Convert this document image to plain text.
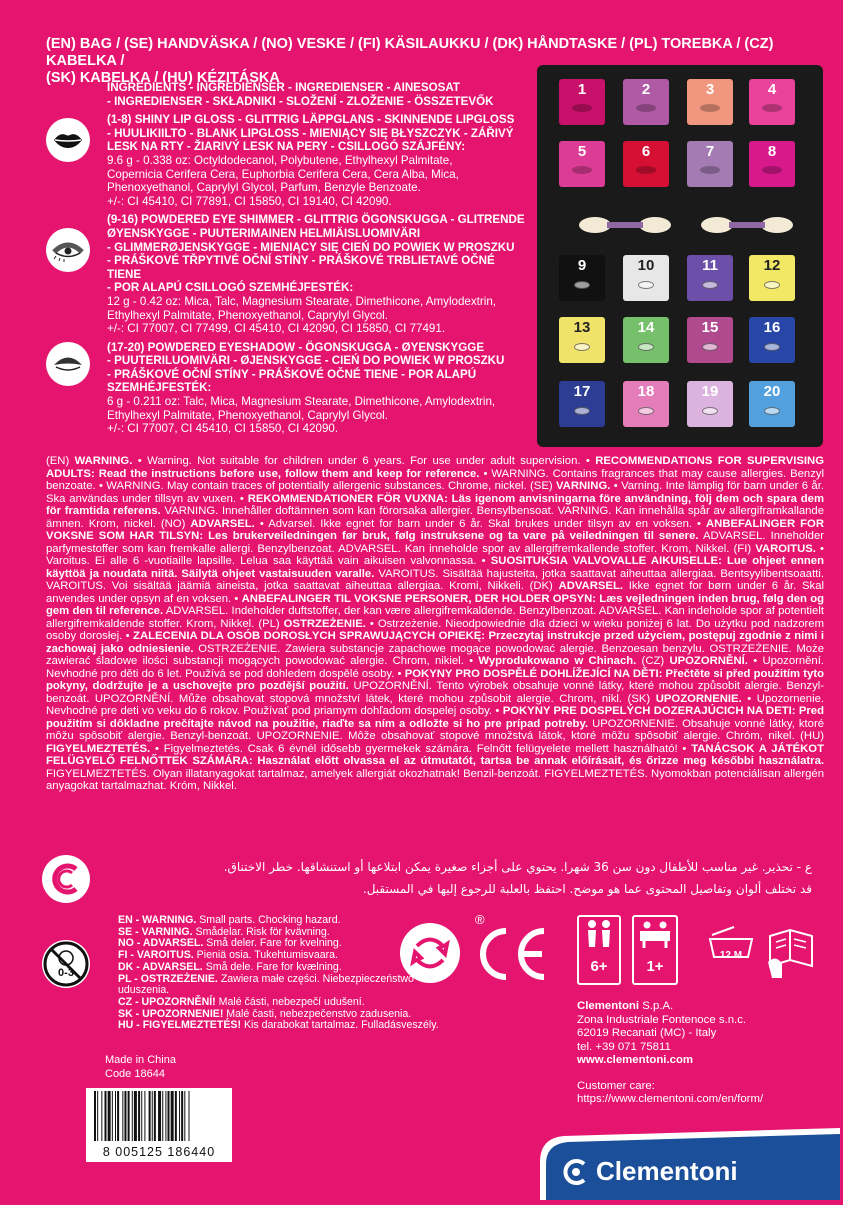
(EN) BAG / (SE) HANDVÄSKA / (NO) VESKE / (FI) KÄSILAUKKU / (DK) HÅNDTASKE / (PL) TOREBKA / (CZ) KABELKA /
(SK) KABELKA / (HU) KÉZITÁSKA
INGREDIENTS - INGREDIENSER - INGREDIENSER - AINESOSAT
- INGREDIENSER - SKŁADNIKI - SLOŽENÍ - ZLOŽENIE - ÖSSZETEVŐK
(1-8) SHINY LIP GLOSS - GLITTRIG LÄPPGLANS - SKINNENDE LIPGLOSS
- HUULIKIILTO - BLANK LIPGLOSS - MIENIĄCY SIĘ BŁYSZCZYK - ZÁŘIVÝ
LESK NA RTY - ŽIARIVÝ LESK NA PERY - CSILLOGÓ SZÁJFÉNY:
9.6 g - 0.338 oz: Octyldodecanol, Polybutene, Ethylhexyl Palmitate,
Copernicia Cerifera Cera, Euphorbia Cerifera Cera, Cera Alba, Mica,
Phenoxyethanol, Caprylyl Glycol, Parfum, Benzyle Benzoate.
+/-: CI 45410, CI 77891, CI 15850, CI 19140, CI 42090.
(9-16) POWDERED EYE SHIMMER - GLITTRIG ÖGONSKUGGA - GLITRENDE
ØYENSKYGGE - PUUTERIMAINEN HELMIÄISLUOMIVÄRI
- GLIMMERØJENSKYGGE - MIENIĄCY SIĘ CIEŃ DO POWIEK W PROSZKU
- PRÁŠKOVÉ TŘPYTIVÉ OČNÍ STÍNY - PRÁŠKOVÉ TRBLIETAVÉ OČNÉ TIENE
- POR ALAPÚ CSILLOGÓ SZEMHÉJFESTÉK:
12 g - 0.42 oz: Mica, Talc, Magnesium Stearate, Dimethicone, Amylodextrin,
Ethylhexyl Palmitate, Phenoxyethanol, Caprylyl Glycol.
+/-: CI 77007, CI 77499, CI 45410, CI 42090, CI 15850, CI 77491.
(17-20) POWDERED EYESHADOW - ÖGONSKUGGA - ØYENSKYGGE
- PUUTERILUOMIVÄRI - ØJENSKYGGE - CIEŃ DO POWIEK W PROSZKU
- PRÁŠKOVÉ OČNÍ STÍNY - PRÁŠKOVÉ OČNÉ TIENE - POR ALAPÚ
SZEMHÉJFESTÉK:
6 g - 0.211 oz: Talc, Mica, Magnesium Stearate, Dimethicone, Amylodextrin,
Ethylhexyl Palmitate, Phenoxyethanol, Caprylyl Glycol.
+/-: CI 77007, CI 45410, CI 15850, CI 42090.
1	2	3	4
5	6	7	8
9	10	11	12
13	14	15	16
17	18	19	20
(EN) WARNING. • Warning. Not suitable for children under 6 years. For use under adult supervision. • RECOMMENDATIONS FOR SUPERVISING ADULTS: Read the instructions before use, follow them and keep for reference. • WARNING. Contains fragrances that may cause allergies. Benzyl benzoate. • WARNING. May contain traces of potentially allergenic substances. Chrome, nickel. (SE) VARNING. • Varning. Inte lämplig för barn under 6 år. Ska användas under tillsyn av vuxen. • REKOMMENDATIONER FÖR VUXNA: Läs igenom anvisningarna före användning, följ dem och spara dem för framtida referens. VARNING. Innehåller doftämnen som kan förorsaka allergier. Bensylbensoat. VARNING. Kan innehålla spår av allergiframkallande ämnen. Krom, nickel. (NO) ADVARSEL. • Advarsel. Ikke egnet for barn under 6 år. Skal brukes under tilsyn av en voksen. • ANBEFALINGER FOR VOKSNE SOM HAR TILSYN: Les brukerveiledningen før bruk, følg instruksene og ta vare på veiledningen til senere. ADVARSEL. Inneholder parfymestoffer som kan fremkalle allergi. Benzylbenzoat. ADVARSEL. Kan inneholde spor av allergifremkallende stoffer. Krom, Nikkel. (FI) VAROITUS. • Varoitus. Ei alle 6 -vuotiaille lapsille. Lelua saa käyttää vain aikuisen valvonnassa. • SUOSITUKSIA VALVOVALLE AIKUISELLE: Lue ohjeet ennen käyttöä ja noudata niitä. Säilytä ohjeet vastaisuuden varalle. VAROITUS. Sisältää hajusteita, jotka saattavat aiheuttaa allergiaa. Bentsyylibentsoaatti. VAROITUS. Voi sisältää jäämiä aineista, jotka saattavat aiheuttaa allergiaa. Kromi, Nikkeli. (DK) ADVARSEL. Ikke egnet for børn under 6 år. Skal anvendes under opsyn af en voksen. • ANBEFALINGER TIL VOKSNE PERSONER, DER HOLDER OPSYN: Læs vejledningen inden brug, følg den og gem den til reference. ADVARSEL. Indeholder duftstoffer, der kan være allergifremkaldende. Benzylbenzoat. ADVARSEL. Kan indeholde spor af potentielt allergifremkaldende stoffer. Krom, Nikkel. (PL) OSTRZEŻENIE. • Ostrzeżenie. Nieodpowiednie dla dzieci w wieku poniżej 6 lat. Do użytku pod nadzorem osoby dorosłej. • ZALECENIA DLA OSÓB DOROSŁYCH SPRAWUJĄCYCH OPIEKĘ: Przeczytaj instrukcje przed użyciem, postępuj zgodnie z nimi i zachowaj jako odniesienie. OSTRZEŻENIE. Zawiera substancje zapachowe mogące powodować alergie. Benzoesan benzylu. OSTRZEŻENIE. Może zawierać śladowe ilości substancji mogących powodować alergie. Chrom, nikiel. • Wyprodukowano w Chinach. (CZ) UPOZORNĚNÍ. • Upozornění. Nevhodné pro děti do 6 let. Používá se pod dohledem dospělé osoby. • POKYNY PRO DOSPĚLÉ DOHLÍŽEJÍCÍ NA DĚTI: Přečtěte si před použitím tyto pokyny, dodržujte je a uschovejte pro pozdější použití. UPOZORNĚNÍ. Tento výrobek obsahuje vonné látky, které mohou způsobit alergie. Benzyl-benzoát. UPOZORNĚNÍ. Může obsahovat stopová množství látek, které mohou způsobit alergie. Chrom, nikl. (SK) UPOZORNENIE. • Upozornenie. Nevhodné pre deti vo veku do 6 rokov. Používať pod priamym dohľadom dospelej osoby. • POKYNY PRE DOSPELÝCH DOZERAJÚCICH NA DETI: Pred použitím si dôkladne prečítajte návod na použitie, riaďte sa ním a odložte si ho pre prípad potreby. UPOZORNENIE. Obsahuje vonné látky, ktoré môžu spôsobiť alergie. Benzyl-benzoát. UPOZORNENIE. Môže obsahovať stopové množstvá látok, ktoré môžu spôsobiť alergie. Chróm, nikel. (HU) FIGYELMEZTETÉS. • Figyelmeztetés. Csak 6 évnél idősebb gyermekek számára. Felnőtt felügyelete mellett használható! • TANÁCSOK A JÁTÉKOT FELÜGYELŐ FELNŐTTEK SZÁMÁRA: Használat előtt olvassa el az útmutatót, tartsa be annak előírásait, és őrizze meg későbbi használatra. FIGYELMEZTETÉS. Olyan illatanyagokat tartalmaz, amelyek allergiát okozhatnak! Benzil-benzoát. FIGYELMEZTETÉS. Nyomokban potenciálisan allergén anyagokat tartalmazhat. Króm, Nikkel.
ع - تحذير. غير مناسب للأطفال دون سن 36 شهرا. يحتوي على أجزاء صغيرة يمكن ابتلاعها أو استنشاقها. خطر الاختناق.
قد تختلف ألوان وتفاصيل المحتوى عما هو موضح. احتفظ بالعلبة للرجوع إليها في المستقبل.
0-3
EN - WARNING. Small parts. Chocking hazard.
SE - VARNING. Smådelar. Risk för kvävning.
NO - ADVARSEL. Små deler. Fare for kvelning.
FI - VAROITUS. Pieniä osia. Tukehtumisvaara.
DK - ADVARSEL. Små dele. Fare for kvælning.
PL - OSTRZEŻENIE. Zawiera małe części. Niebezpieczeństwo uduszenia.
CZ - UPOZORNĚNÍ! Malé části, nebezpečí udušení.
SK - UPOZORNENIE! Malé časti, nebezpečenstvo zadusenia.
HU - FIGYELMEZTETÉS! Kis darabokat tartalmaz. Fulladásveszély.
®
6+	1+
12 M
Clementoni S.p.A.
Zona Industriale Fontenoce s.n.c.
62019 Recanati (MC) - Italy
tel. +39 071 75811
www.clementoni.com
Customer care:
https://www.clementoni.com/en/form/
Made in China
Code 18644
8 005125 186440
Clementoni
